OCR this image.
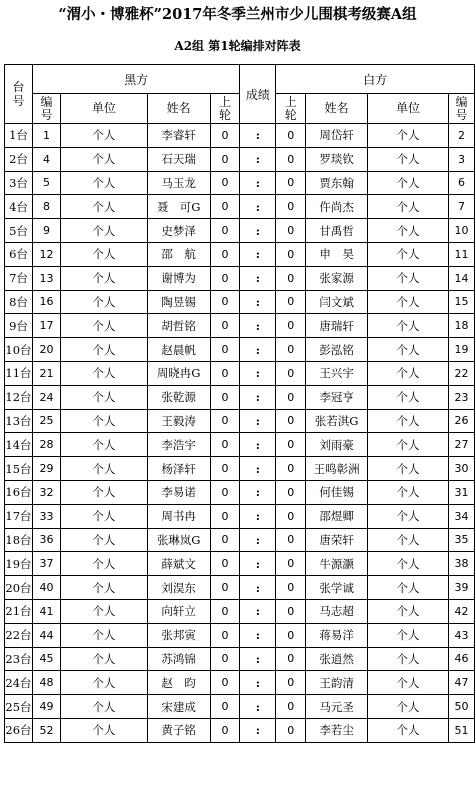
“渭小・博雅杯”2017年冬季兰州市少儿围棋考级赛A组
A2组 第1轮编排对阵表
台号	黑方				成绩	白方			
	编号	单位	姓名	上轮		上轮	姓名	单位	编号
1台	1	个人	李睿轩	0	:	0	周岱轩	个人	2
2台	4	个人	石天瑞	0	:	0	罗琰钦	个人	3
3台	5	个人	马玉龙	0	:	0	贾东翰	个人	6
4台	8	个人	聂　可G	0	:	0	仵尚杰	个人	7
5台	9	个人	史梦泽	0	:	0	甘禹哲	个人	10
6台	12	个人	邵　航	0	:	0	申　昊	个人	11
7台	13	个人	谢博为	0	:	0	张家源	个人	14
8台	16	个人	陶昱锡	0	:	0	闫文斌	个人	15
9台	17	个人	胡哲铭	0	:	0	唐瑞轩	个人	18
10台	20	个人	赵晨帆	0	:	0	彭泓铭	个人	19
11台	21	个人	周晓冉G	0	:	0	王兴宇	个人	22
12台	24	个人	张乾源	0	:	0	李冠亨	个人	23
13台	25	个人	王毅涛	0	:	0	张若淇G	个人	26
14台	28	个人	李浩宇	0	:	0	刘雨豪	个人	27
15台	29	个人	杨泽轩	0	:	0	王鸣彰洲	个人	30
16台	32	个人	李易诺	0	:	0	何佳锡	个人	31
17台	33	个人	周书冉	0	:	0	邵煜卿	个人	34
18台	36	个人	张琳岚G	0	:	0	唐荣轩	个人	35
19台	37	个人	薛斌文	0	:	0	牛源灏	个人	38
20台	40	个人	刘淏东	0	:	0	张学诚	个人	39
21台	41	个人	向轩立	0	:	0	马志超	个人	42
22台	44	个人	张邦寅	0	:	0	蒋易洋	个人	43
23台	45	个人	苏鸿锦	0	:	0	张逍然	个人	46
24台	48	个人	赵　昀	0	:	0	王韵清	个人	47
25台	49	个人	宋建成	0	:	0	马元圣	个人	50
26台	52	个人	黄子铭	0	:	0	李若尘	个人	51
